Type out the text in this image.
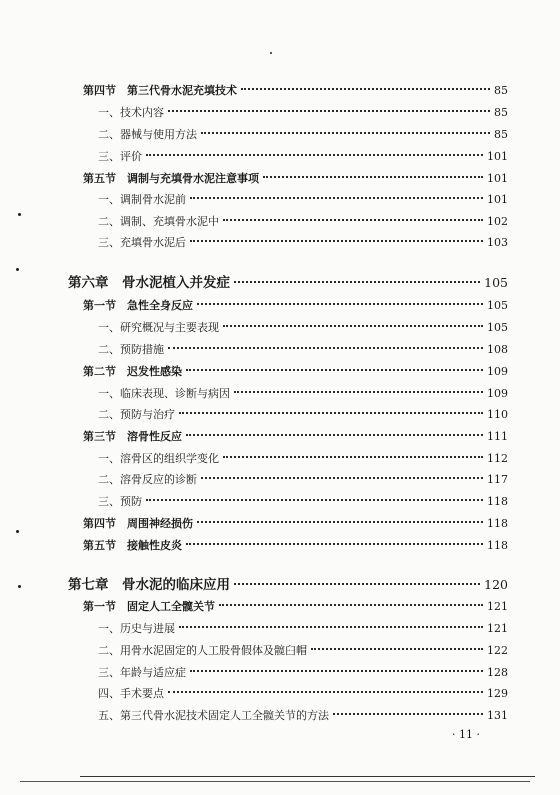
第四节　第三代骨水泥充填技术	85
一、技术内容	85
二、器械与使用方法	85
三、评价	101
第五节　调制与充填骨水泥注意事项	101
一、调制骨水泥前	101
二、调制、充填骨水泥中	102
三、充填骨水泥后	103
第六章　骨水泥植入并发症	105
第一节　急性全身反应	105
一、研究概况与主要表现	105
二、预防措施	108
第二节　迟发性感染	109
一、临床表现、诊断与病因	109
二、预防与治疗	110
第三节　溶骨性反应	111
一、溶骨区的组织学变化	112
二、溶骨反应的诊断	117
三、预防	118
第四节　周围神经损伤	118
第五节　接触性皮炎	118
第七章　骨水泥的临床应用	120
第一节　固定人工全髋关节	121
一、历史与进展	121
二、用骨水泥固定的人工股骨假体及髋臼帽	122
三、年龄与适应症	128
四、手术要点	129
五、第三代骨水泥技术固定人工全髋关节的方法	131
· 11 ·
